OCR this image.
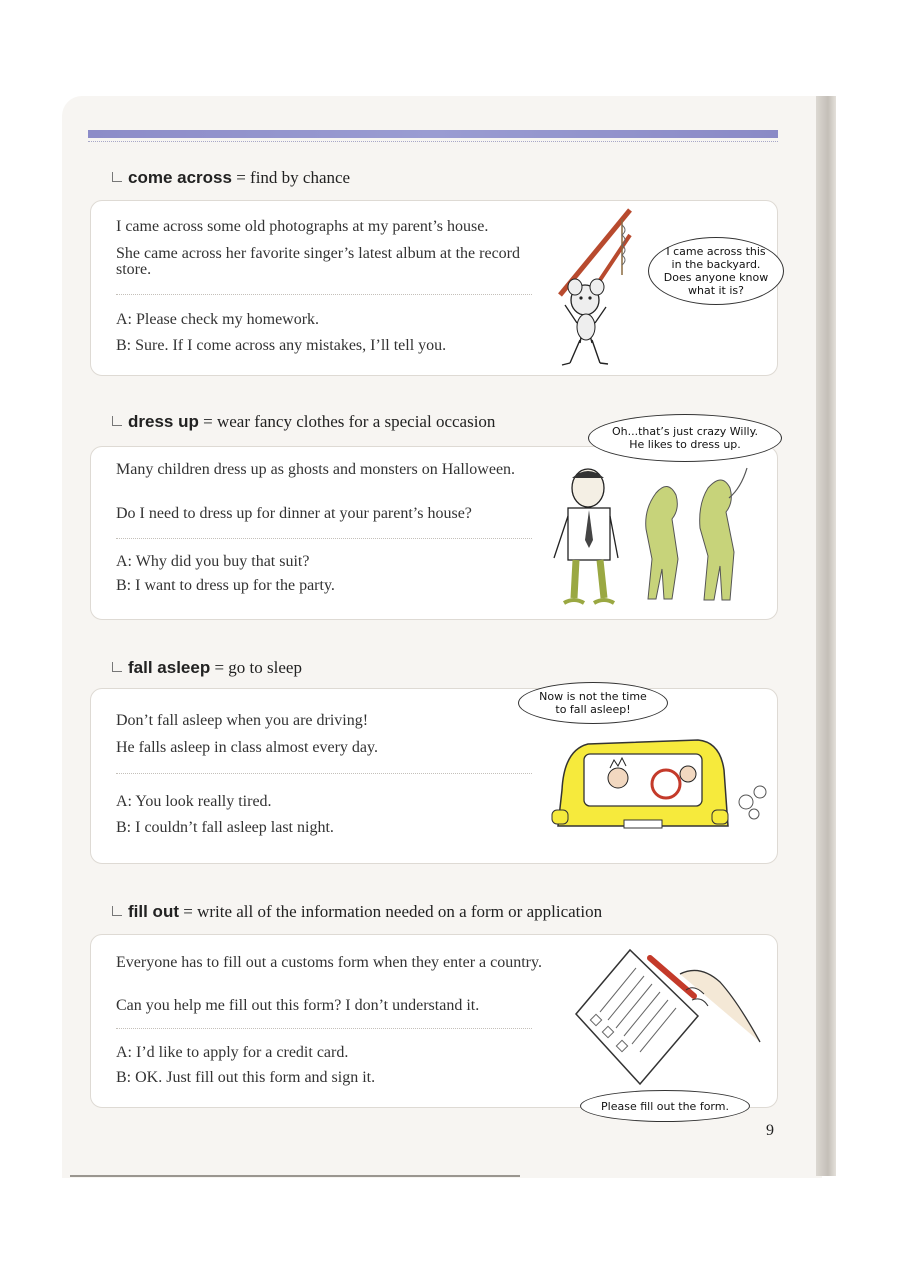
come across = find by chance
I came across some old photographs at my parent’s house.
She came across her favorite singer’s latest album at the record store.
A: Please check my homework.
B: Sure. If I come across any mistakes, I’ll tell you.
I came across this in the backyard. Does anyone know what it is?
dress up = wear fancy clothes for a special occasion
Many children dress up as ghosts and monsters on Halloween.
Do I need to dress up for dinner at your parent’s house?
A: Why did you buy that suit?
B: I want to dress up for the party.
Oh...that’s just crazy Willy. He likes to dress up.
fall asleep = go to sleep
Don’t fall asleep when you are driving!
He falls asleep in class almost every day.
A: You look really tired.
B: I couldn’t fall asleep last night.
Now is not the time to fall asleep!
fill out = write all of the information needed on a form or application
Everyone has to fill out a customs form when they enter a country.
Can you help me fill out this form? I don’t understand it.
A: I’d like to apply for a credit card.
B: OK. Just fill out this form and sign it.
Please fill out the form.
9
